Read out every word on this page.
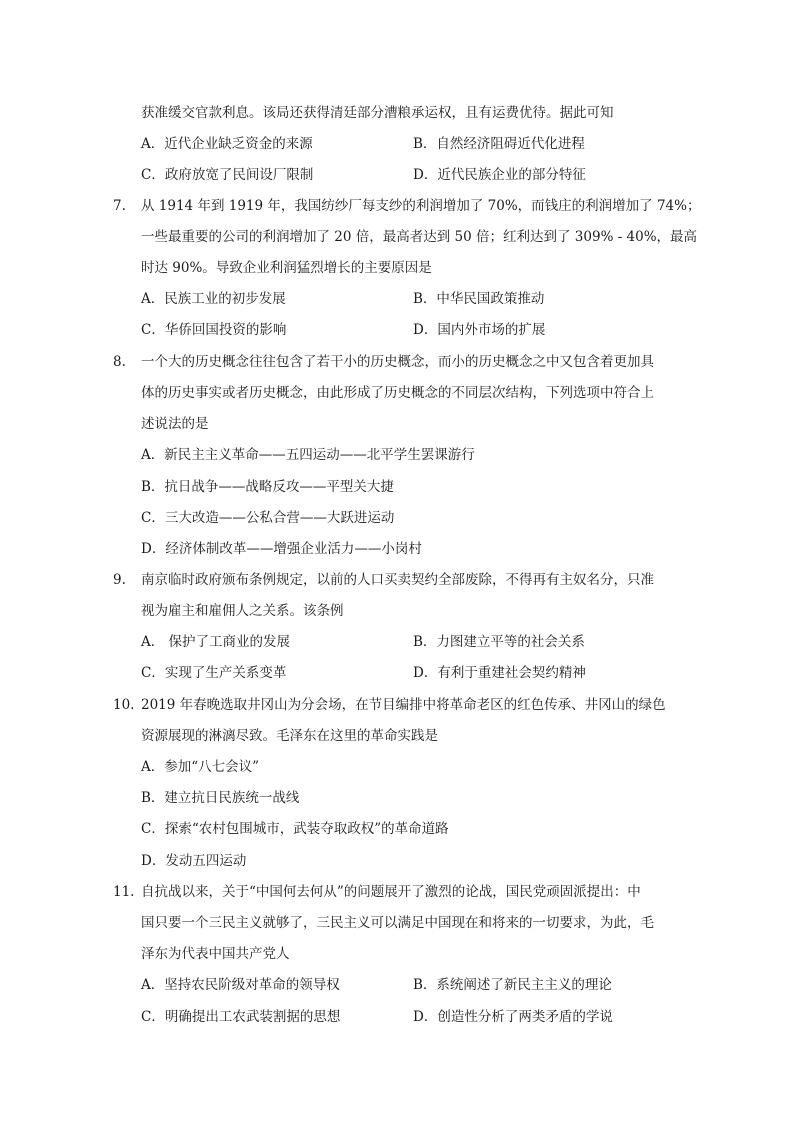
获准缓交官款利息。该局还获得清廷部分漕粮承运权，且有运费优待。据此可知
A．近代企业缺乏资金的来源	B．自然经济阻碍近代化进程
C．政府放宽了民间设厂限制	D．近代民族企业的部分特征
7. 从 1914 年到 1919 年，我国纺纱厂每支纱的利润增加了 70%，而钱庄的利润增加了 74%；
一些最重要的公司的利润增加了 20 倍，最高者达到 50 倍；红利达到了 309% - 40%，最高
时达 90%。导致企业利润猛烈增长的主要原因是
A．民族工业的初步发展	B．中华民国政策推动
C．华侨回国投资的影响	D．国内外市场的扩展
8. 一个大的历史概念往往包含了若干小的历史概念，而小的历史概念之中又包含着更加具
体的历史事实或者历史概念，由此形成了历史概念的不同层次结构，下列选项中符合上
述说法的是
A．新民主主义革命——五四运动——北平学生罢课游行
B．抗日战争——战略反攻——平型关大捷
C．三大改造——公私合营——大跃进运动
D．经济体制改革——增强企业活力——小岗村
9. 南京临时政府颁布条例规定，以前的人口买卖契约全部废除，不得再有主奴名分，只准
视为雇主和雇佣人之关系。该条例
A． 保护了工商业的发展	B．力图建立平等的社会关系
C．实现了生产关系变革	D．有利于重建社会契约精神
10. 2019 年春晚选取井冈山为分会场，在节目编排中将革命老区的红色传承、井冈山的绿色
资源展现的淋漓尽致。毛泽东在这里的革命实践是
A．参加“八七会议”
B．建立抗日民族统一战线
C．探索“农村包围城市，武装夺取政权”的革命道路
D．发动五四运动
11. 自抗战以来，关于“中国何去何从”的问题展开了激烈的论战，国民党顽固派提出：中
国只要一个三民主义就够了，三民主义可以满足中国现在和将来的一切要求，为此，毛
泽东为代表中国共产党人
A．坚持农民阶级对革命的领导权	B．系统阐述了新民主主义的理论
C．明确提出工农武装割据的思想	D．创造性分析了两类矛盾的学说
